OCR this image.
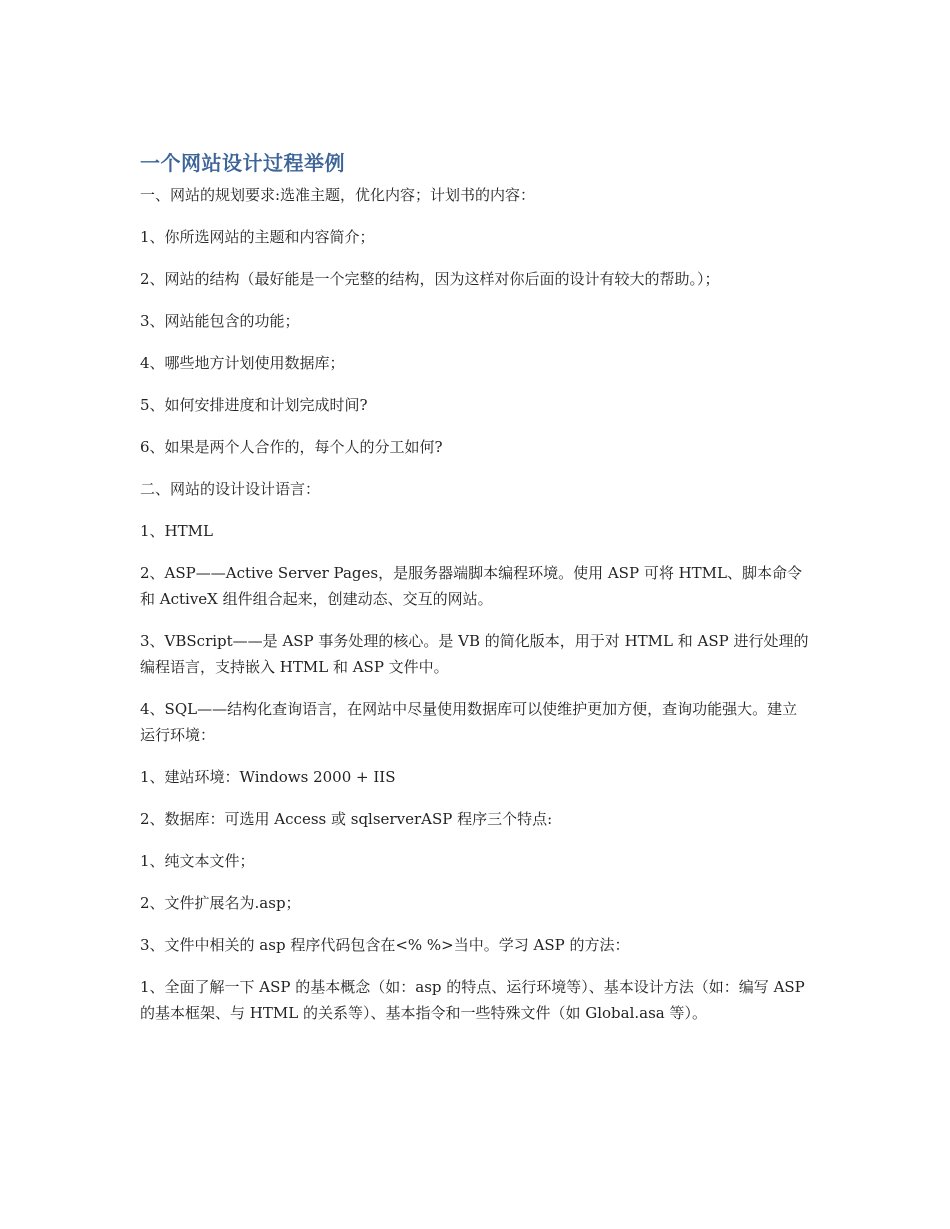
一个网站设计过程举例

一、网站的规划要求:选准主题，优化内容；计划书的内容：

1、你所选网站的主题和内容简介；

2、网站的结构（最好能是一个完整的结构，因为这样对你后面的设计有较大的帮助。）；

3、网站能包含的功能；

4、哪些地方计划使用数据库；

5、如何安排进度和计划完成时间?

6、如果是两个人合作的，每个人的分工如何?

二、网站的设计设计语言：

1、HTML

2、ASP——Active Server Pages，是服务器端脚本编程环境。使用 ASP 可将 HTML、脚本命令和 ActiveX 组件组合起来，创建动态、交互的网站。

3、VBScript——是 ASP 事务处理的核心。是 VB 的简化版本，用于对 HTML 和 ASP 进行处理的编程语言，支持嵌入 HTML 和 ASP 文件中。

4、SQL——结构化查询语言，在网站中尽量使用数据库可以使维护更加方便，查询功能强大。建立运行环境：

1、建站环境：Windows 2000 + IIS

2、数据库：可选用 Access 或 sqlserverASP 程序三个特点:

1、纯文本文件；

2、文件扩展名为.asp；

3、文件中相关的 asp 程序代码包含在<% %>当中。学习 ASP 的方法：

1、全面了解一下 ASP 的基本概念（如：asp 的特点、运行环境等）、基本设计方法（如：编写 ASP 的基本框架、与 HTML 的关系等）、基本指令和一些特殊文件（如 Global.asa 等）。
